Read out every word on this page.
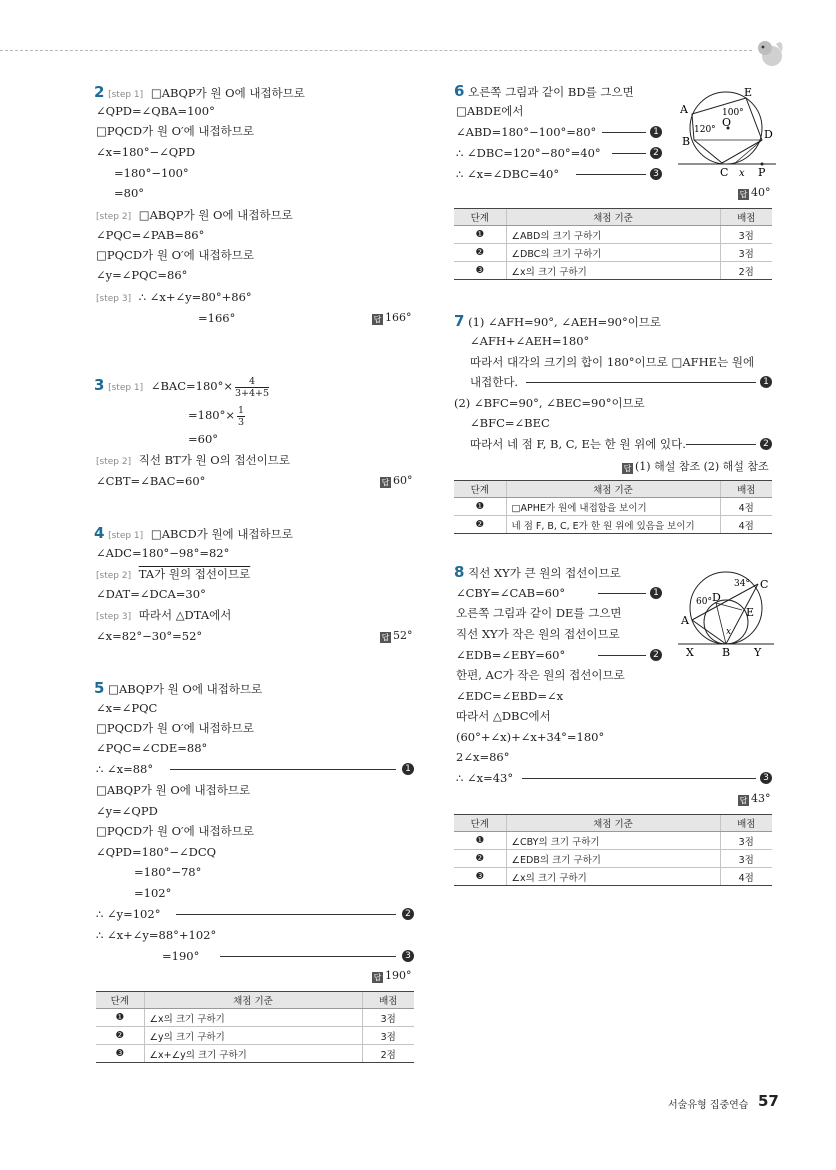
2 [step 1] □ABQP가 원 O에 내접하므로
∠QPD=∠QBA=100°
□PQCD가 원 O′에 내접하므로
∠x=180°−∠QPD
=180°−100°
=80°
[step 2] □ABQP가 원 O에 내접하므로
∠PQC=∠PAB=86°
□PQCD가 원 O′에 내접하므로
∠y=∠PQC=86°
[step 3] ∴ ∠x+∠y=80°+86°
=166°	답 166°
3 [step 1] ∠BAC=180°× $\frac{4}{3+4+5}$
$=180^\circ\times \frac{1}{3}$
=60°
[step 2] 직선 BT가 원 O의 접선이므로
∠CBT=∠BAC=60°	답 60°
4 [step 1] □ABCD가 원에 내접하므로
∠ADC=180°−98°=82°
[step 2] TA가 원의 접선이므로
∠DAT=∠DCA=30°
[step 3] 따라서 △DTA에서
∠x=82°−30°=52°	답 52°
5 □ABQP가 원 O에 내접하므로
∠x=∠PQC
□PQCD가 원 O′에 내접하므로
∠PQC=∠CDE=88°
∴ ∠x=88°	1
□ABQP가 원 O에 내접하므로
∠y=∠QPD
□PQCD가 원 O′에 내접하므로
∠QPD=180°−∠DCQ
=180°−78°
=102°
∴ ∠y=102°	2
∴ ∠x+∠y=88°+102°
=190°	3
답 190°
단계	채점 기준	배점
❶	∠x의 크기 구하기	3점
❷	∠y의 크기 구하기	3점
❸	∠x+∠y의 크기 구하기	2점
6 오른쪽 그림과 같이 BD를 그으면
□ABDE에서
∠ABD=180°−100°=80°	1
∴ ∠DBC=120°−80°=40°	2
∴ ∠x=∠DBC=40°	3
A
B
C
D
E
O
P
x
100°
120°
답 40°
단계	채점 기준	배점
❶	∠ABD의 크기 구하기	3점
❷	∠DBC의 크기 구하기	3점
❸	∠x의 크기 구하기	2점
7 (1) ∠AFH=90°, ∠AEH=90°이므로
∠AFH+∠AEH=180°
따라서 대각의 크기의 합이 180°이므로 □AFHE는 원에
내접한다.	1
(2) ∠BFC=90°, ∠BEC=90°이므로
∠BFC=∠BEC
따라서 네 점 F, B, C, E는 한 원 위에 있다.	2
답 (1) 해설 참조 (2) 해설 참조
단계	채점 기준	배점
❶	□APHE가 원에 내접함을 보이기	4점
❷	네 점 F, B, C, E가 한 원 위에 있음을 보이기	4점
8 직선 XY가 큰 원의 접선이므로
∠CBY=∠CAB=60°	1
오른쪽 그림과 같이 DE를 그으면
직선 XY가 작은 원의 접선이므로
∠EDB=∠EBY=60°	2
한편, AC가 작은 원의 접선이므로
∠EDC=∠EBD=∠x
따라서 △DBC에서
(60°+∠x)+∠x+34°=180°
2∠x=86°
∴ ∠x=43°	3
A
B
C
D
E
X	Y
x
34°
60°
답 43°
단계	채점 기준	배점
❶	∠CBY의 크기 구하기	3점
❷	∠EDB의 크기 구하기	3점
❸	∠x의 크기 구하기	4점
서술유형 집중연습 57
